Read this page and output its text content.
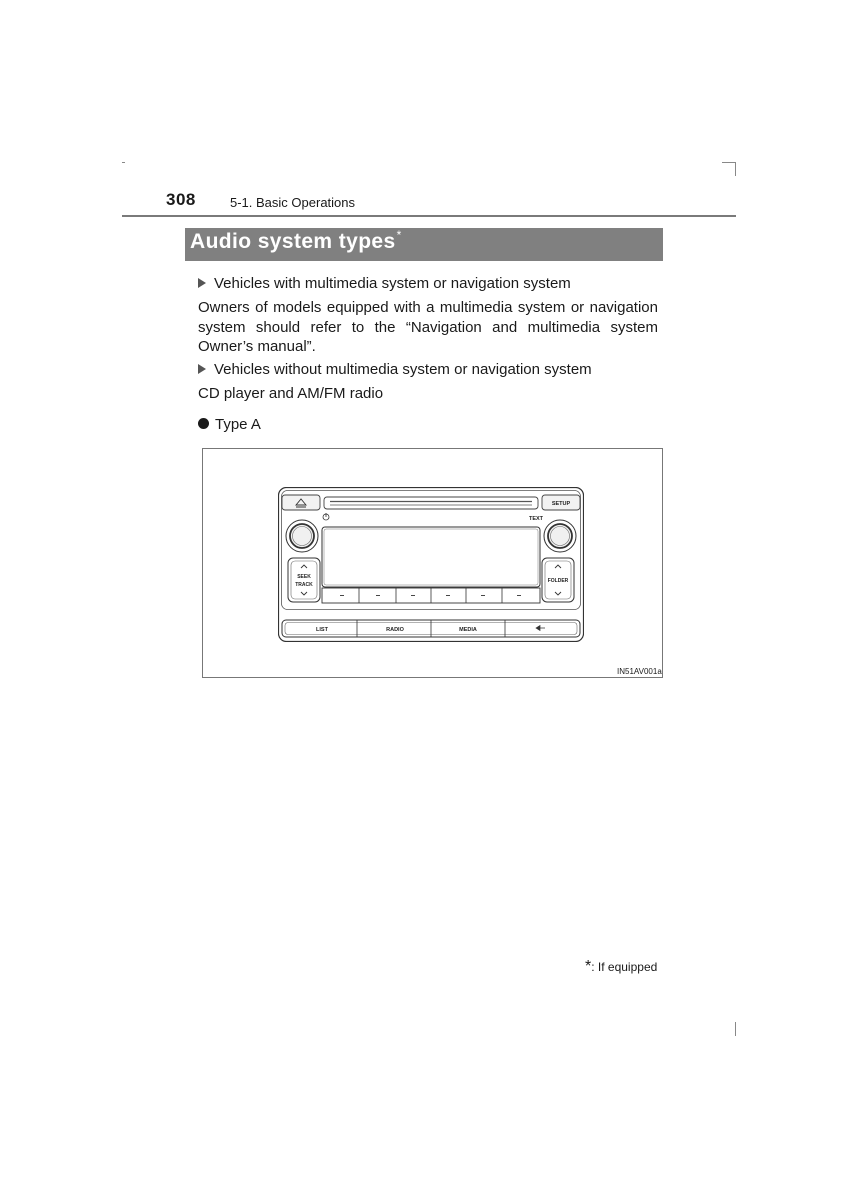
308	5-1. Basic Operations
Audio system types*
Vehicles with multimedia system or navigation system
Owners of models equipped with a multimedia system or navigation system should refer to the “Navigation and multimedia system Owner’s manual”.
Vehicles without multimedia system or navigation system
CD player and AM/FM radio
Type A
SETUP
TEXT
SEEK
TRACK
FOLDER
LIST	RADIO	MEDIA
IN51AV001a
*: If equipped
